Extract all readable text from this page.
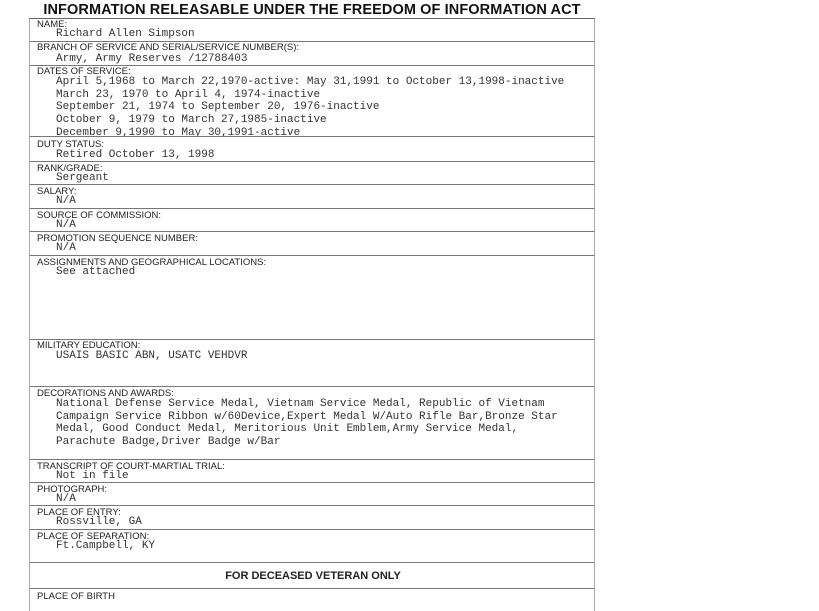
INFORMATION RELEASABLE UNDER THE FREEDOM OF INFORMATION ACT
NAME:
Richard Allen Simpson
BRANCH OF SERVICE AND SERIAL/SERVICE NUMBER(S):
Army, Army Reserves /12788403
DATES OF SERVICE:
April 5,1968 to March 22,1970-active: May 31,1991 to October 13,1998-inactive
March 23, 1970 to April 4, 1974-inactive
September 21, 1974 to September 20, 1976-inactive
October 9, 1979 to March 27,1985-inactive
December 9,1990 to May 30,1991-active
DUTY STATUS:
Retired October 13, 1998
RANK/GRADE:
Sergeant
SALARY:
N/A
SOURCE OF COMMISSION:
N/A
PROMOTION SEQUENCE NUMBER:
N/A
ASSIGNMENTS AND GEOGRAPHICAL LOCATIONS:
See attached
MILITARY EDUCATION:
USAIS BASIC ABN, USATC VEHDVR
DECORATIONS AND AWARDS:
National Defense Service Medal, Vietnam Service Medal, Republic of Vietnam
Campaign Service Ribbon w/60Device,Expert Medal W/Auto Rifle Bar,Bronze Star
Medal, Good Conduct Medal, Meritorious Unit Emblem,Army Service Medal,
Parachute Badge,Driver Badge w/Bar
TRANSCRIPT OF COURT-MARTIAL TRIAL:
Not in file
PHOTOGRAPH:
N/A
PLACE OF ENTRY:
Rossville, GA
PLACE OF SEPARATION:
Ft.Campbell, KY
FOR DECEASED VETERAN ONLY
PLACE OF BIRTH
